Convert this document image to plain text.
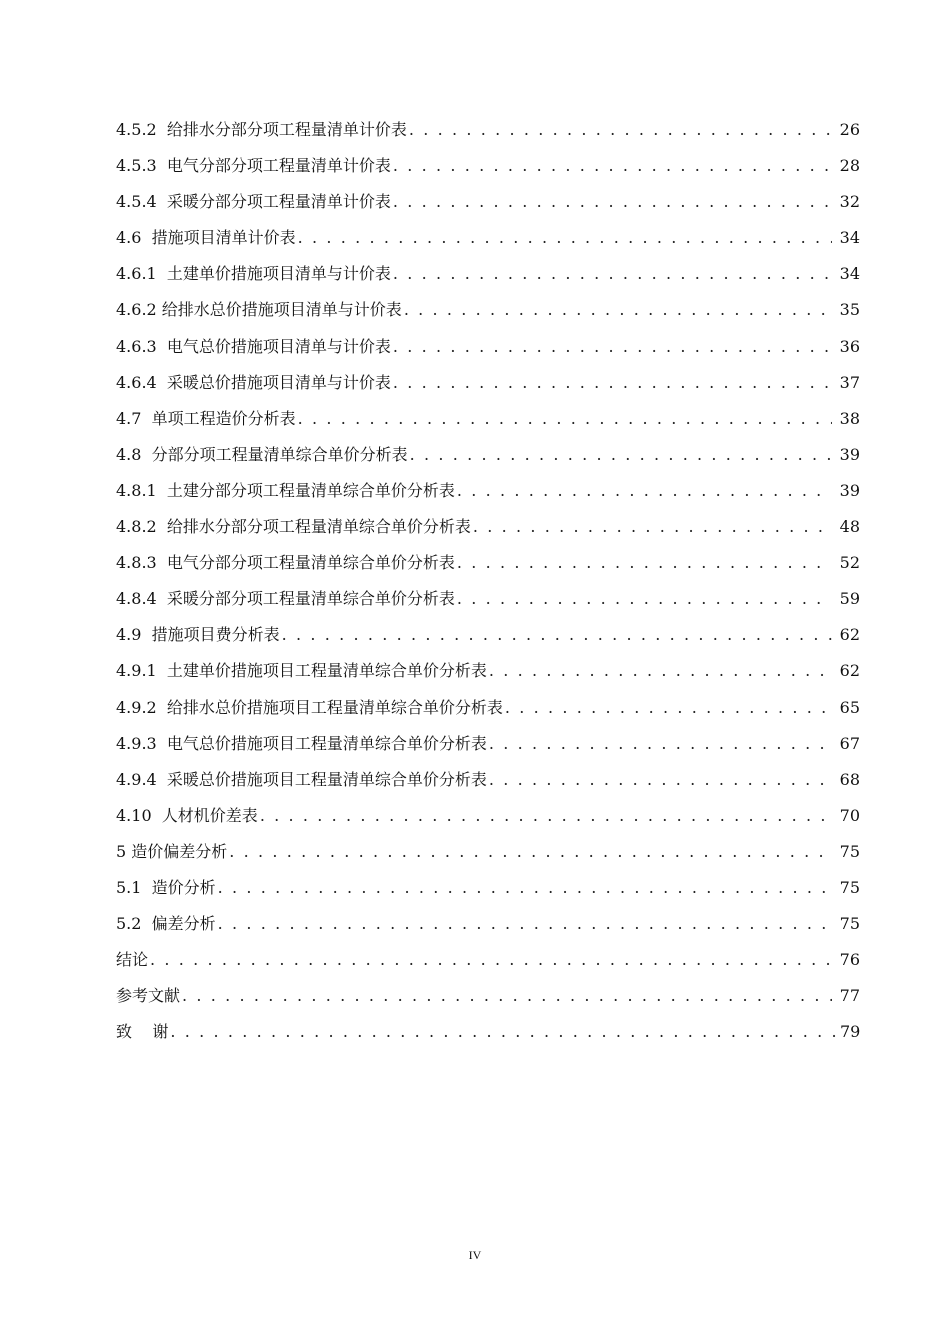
4.5.2  给排水分部分项工程量清单计价表 . . .	26
4.5.3  电气分部分项工程量清单计价表 . . .	28
4.5.4  采暖分部分项工程量清单计价表 . . .	32
4.6  措施项目清单计价表 . . .	34
4.6.1  土建单价措施项目清单与计价表 . . .	34
4.6.2 给排水总价措施项目清单与计价表 . . .	35
4.6.3  电气总价措施项目清单与计价表 . . .	36
4.6.4  采暖总价措施项目清单与计价表 . . .	37
4.7  单项工程造价分析表 . . .	38
4.8  分部分项工程量清单综合单价分析表 . . .	39
4.8.1  土建分部分项工程量清单综合单价分析表 . . .	39
4.8.2  给排水分部分项工程量清单综合单价分析表 . . .	48
4.8.3  电气分部分项工程量清单综合单价分析表 . . .	52
4.8.4  采暖分部分项工程量清单综合单价分析表 . . .	59
4.9  措施项目费分析表 . . .	62
4.9.1  土建单价措施项目工程量清单综合单价分析表 . . .	62
4.9.2  给排水总价措施项目工程量清单综合单价分析表 . . .	65
4.9.3  电气总价措施项目工程量清单综合单价分析表 . . .	67
4.9.4  采暖总价措施项目工程量清单综合单价分析表 . . .	68
4.10  人材机价差表 . . .	70
5 造价偏差分析 . . .	75
5.1  造价分析 . . .	75
5.2  偏差分析 . . .	75
结论 . . .	76
参考文献 . . .	77
致    谢 . . .	79
IV
